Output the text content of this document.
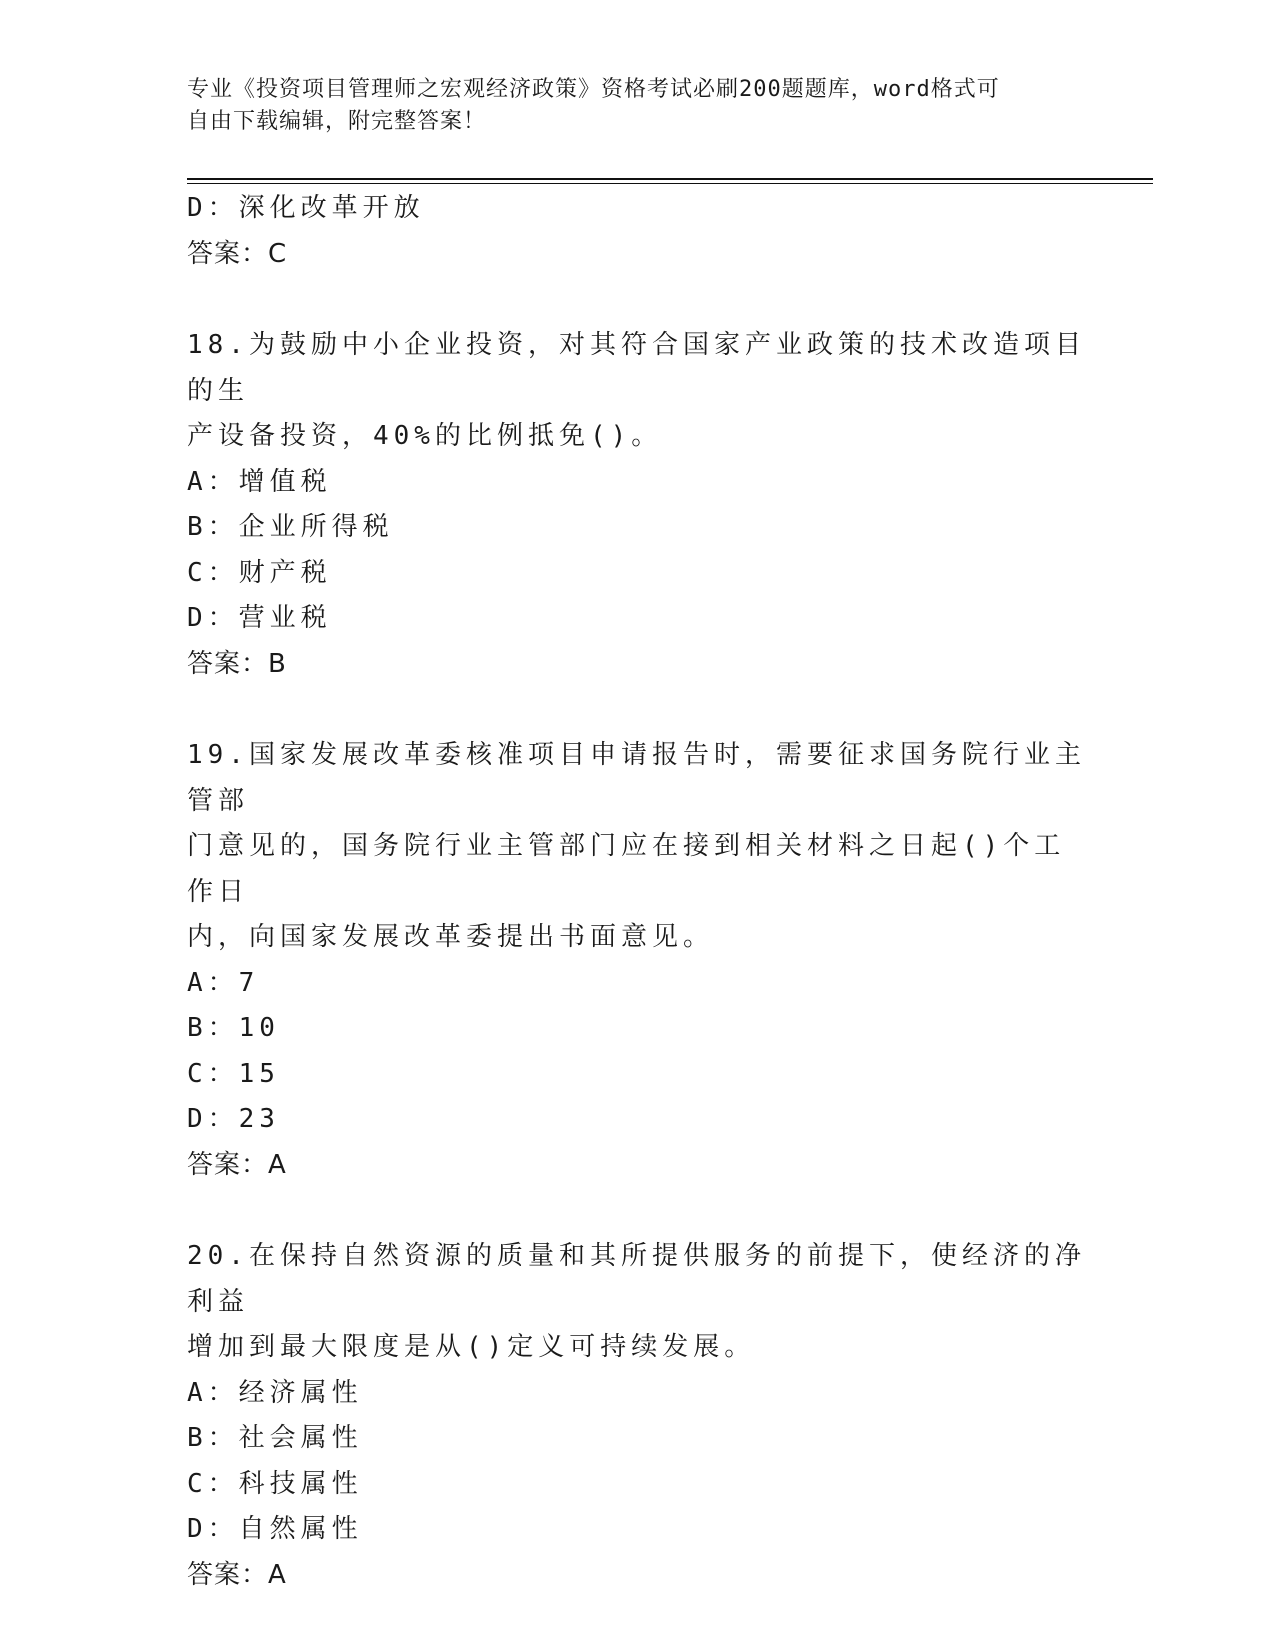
专业《投资项目管理师之宏观经济政策》资格考试必刷200题题库，word格式可
自由下载编辑，附完整答案！
D：深化改革开放
答案：C
18.为鼓励中小企业投资，对其符合国家产业政策的技术改造项目的生
产设备投资，40%的比例抵免()。
A：增值税
B：企业所得税
C：财产税
D：营业税
答案：B
19.国家发展改革委核准项目申请报告时，需要征求国务院行业主管部
门意见的，国务院行业主管部门应在接到相关材料之日起()个工作日
内，向国家发展改革委提出书面意见。
A：7
B：10
C：15
D：23
答案：A
20.在保持自然资源的质量和其所提供服务的前提下，使经济的净利益
增加到最大限度是从()定义可持续发展。
A：经济属性
B：社会属性
C：科技属性
D：自然属性
答案：A
